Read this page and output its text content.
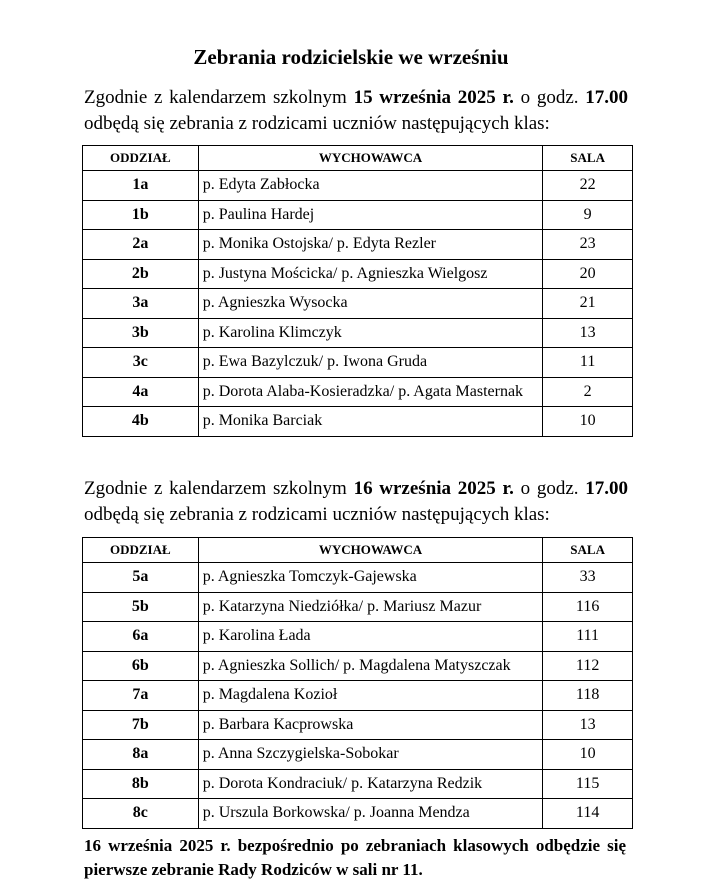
Zebrania rodzicielskie we wrześniu
Zgodnie z kalendarzem szkolnym 15 września 2025 r. o godz. 17.00
odbędą się zebrania z rodzicami uczniów następujących klas:
ODDZIAŁ	WYCHOWAWCA	SALA
1a	p. Edyta Zabłocka	22
1b	p. Paulina Hardej	9
2a	p. Monika Ostojska/ p. Edyta Rezler	23
2b	p. Justyna Mościcka/ p. Agnieszka Wielgosz	20
3a	p. Agnieszka Wysocka	21
3b	p. Karolina Klimczyk	13
3c	p. Ewa Bazylczuk/ p. Iwona Gruda	11
4a	p. Dorota Alaba-Kosieradzka/ p. Agata Masternak	2
4b	p. Monika Barciak	10
Zgodnie z kalendarzem szkolnym 16 września 2025 r. o godz. 17.00
odbędą się zebrania z rodzicami uczniów następujących klas:
ODDZIAŁ	WYCHOWAWCA	SALA
5a	p. Agnieszka Tomczyk-Gajewska	33
5b	p. Katarzyna Niedziółka/ p. Mariusz Mazur	116
6a	p. Karolina Łada	111
6b	p. Agnieszka Sollich/ p. Magdalena Matyszczak	112
7a	p. Magdalena Kozioł	118
7b	p. Barbara Kacprowska	13
8a	p. Anna Szczygielska-Sobokar	10
8b	p. Dorota Kondraciuk/ p. Katarzyna Redzik	115
8c	p. Urszula Borkowska/ p. Joanna Mendza	114
16 września 2025 r. bezpośrednio po zebraniach klasowych odbędzie się pierwsze zebranie Rady Rodziców w sali nr 11.
